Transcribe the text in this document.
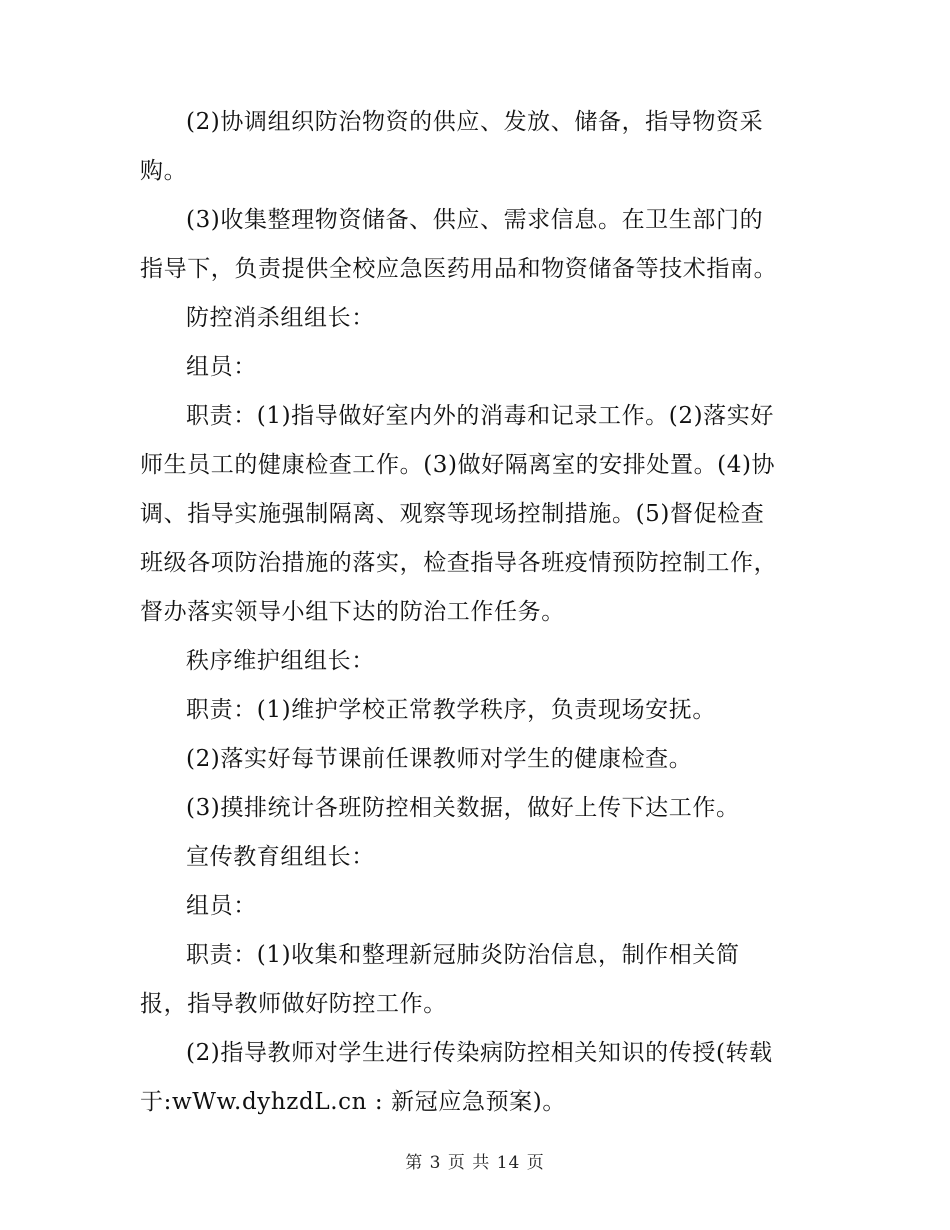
(2)协调组织防治物资的供应、发放、储备，指导物资采
购。

(3)收集整理物资储备、供应、需求信息。在卫生部门的
指导下，负责提供全校应急医药用品和物资储备等技术指南。

防控消杀组组长：

组员：

职责：(1)指导做好室内外的消毒和记录工作。(2)落实好
师生员工的健康检查工作。(3)做好隔离室的安排处置。(4)协
调、指导实施强制隔离、观察等现场控制措施。(5)督促检查
班级各项防治措施的落实，检查指导各班疫情预防控制工作，
督办落实领导小组下达的防治工作任务。

秩序维护组组长：

职责：(1)维护学校正常教学秩序，负责现场安抚。

(2)落实好每节课前任课教师对学生的健康检查。

(3)摸排统计各班防控相关数据，做好上传下达工作。

宣传教育组组长：

组员：

职责：(1)收集和整理新冠肺炎防治信息，制作相关简
报，指导教师做好防控工作。

(2)指导教师对学生进行传染病防控相关知识的传授(转载
于:wWw.dyhzdL.cn : 新冠应急预案)。

第 3 页 共 14 页
